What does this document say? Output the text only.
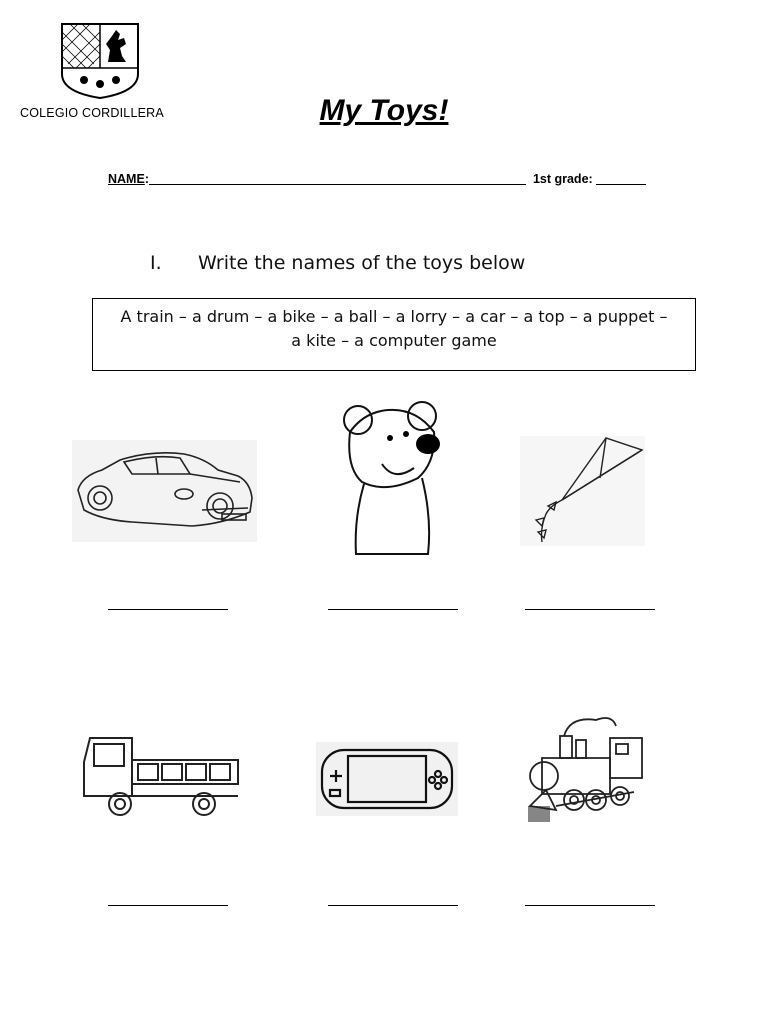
COLEGIO CORDILLERA	My Toys!
NAME:	1st grade:
I. Write the names of the toys below
A train – a drum – a bike – a ball – a lorry – a car – a top – a puppet –
a kite – a computer game
